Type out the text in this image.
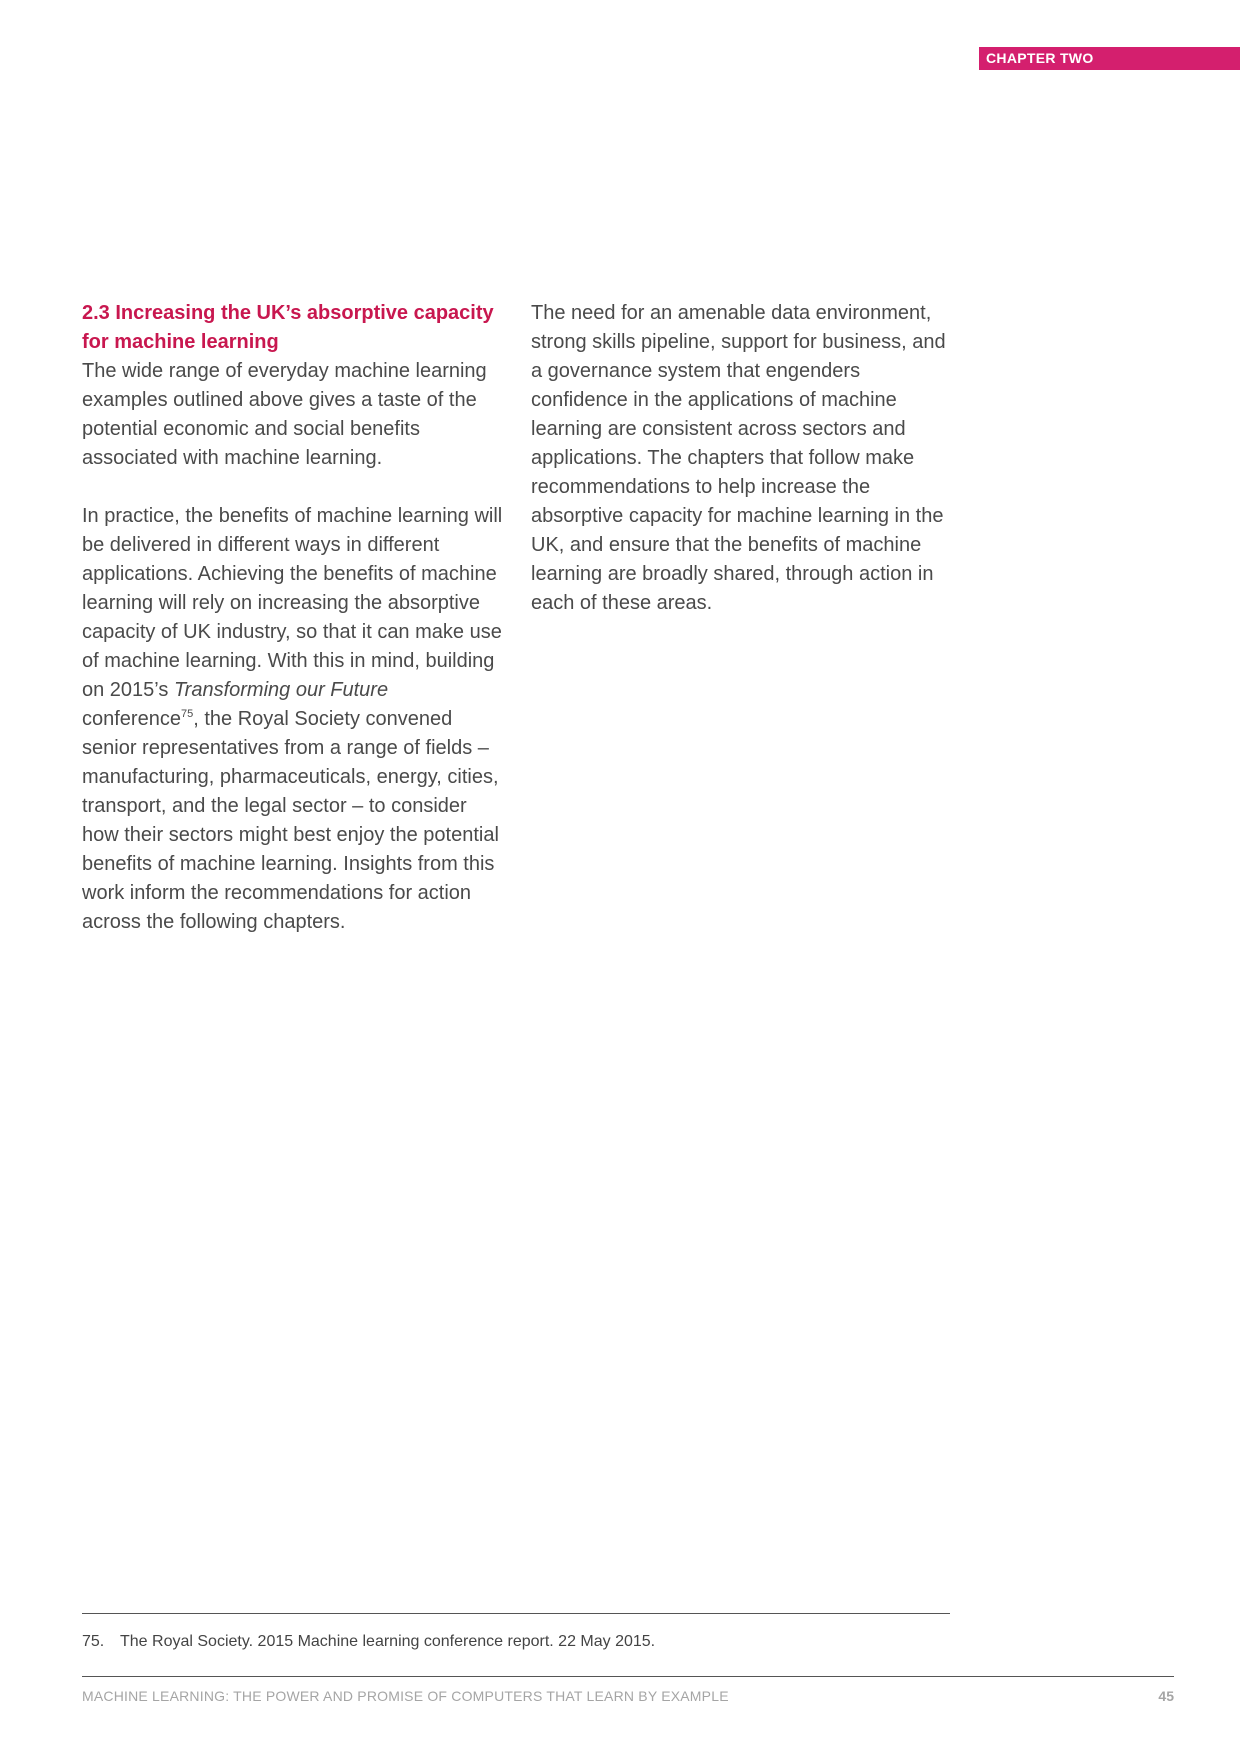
CHAPTER TWO
2.3 Increasing the UK’s absorptive capacity for machine learning

The wide range of everyday machine learning examples outlined above gives a taste of the potential economic and social benefits associated with machine learning.

In practice, the benefits of machine learning will be delivered in different ways in different applications. Achieving the benefits of machine learning will rely on increasing the absorptive capacity of UK industry, so that it can make use of machine learning. With this in mind, building on 2015’s Transforming our Future conference$^{75}$, the Royal Society convened senior representatives from a range of fields – manufacturing, pharmaceuticals, energy, cities, transport, and the legal sector – to consider how their sectors might best enjoy the potential benefits of machine learning. Insights from this work inform the recommendations for action across the following chapters.

The need for an amenable data environment, strong skills pipeline, support for business, and a governance system that engenders confidence in the applications of machine learning are consistent across sectors and applications. The chapters that follow make recommendations to help increase the absorptive capacity for machine learning in the UK, and ensure that the benefits of machine learning are broadly shared, through action in each of these areas.

75. The Royal Society. 2015 Machine learning conference report. 22 May 2015.
MACHINE LEARNING: THE POWER AND PROMISE OF COMPUTERS THAT LEARN BY EXAMPLE	45
